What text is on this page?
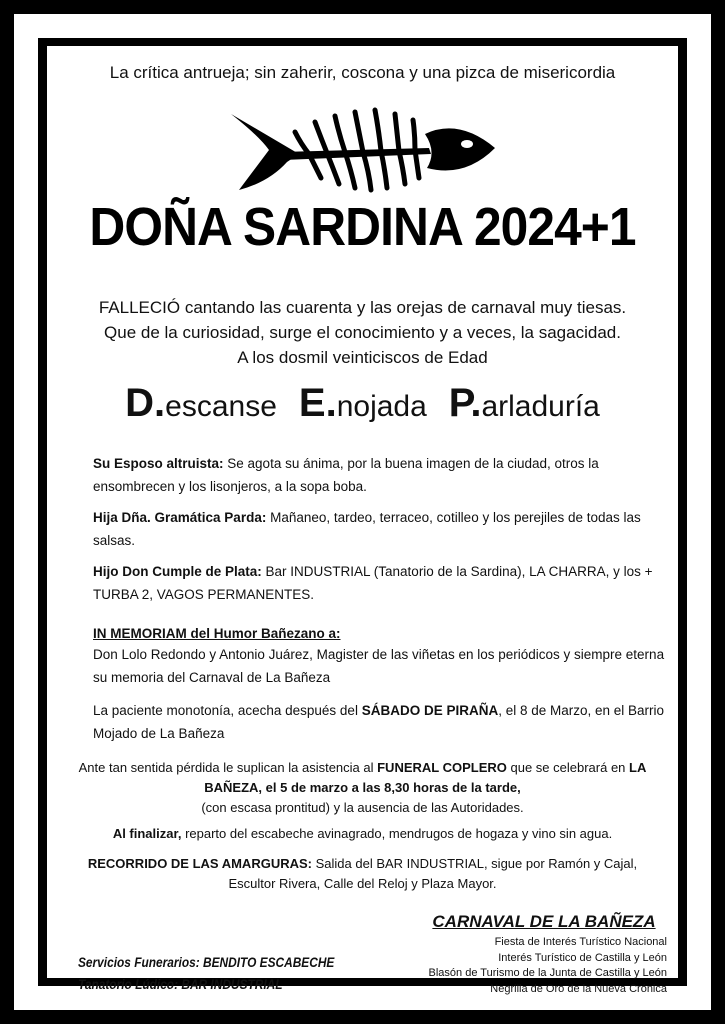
La crítica antrueja; sin zaherir, coscona y una pizca de misericordia
DOÑA SARDINA 2024+1
FALLECIÓ cantando las cuarenta y las orejas de carnaval muy tiesas.
Que de la curiosidad, surge el conocimiento y a veces, la sagacidad.
A los dosmil veinticiscos de Edad
D.escanse E.nojada P.arladuría
Su Esposo altruista: Se agota su ánima, por la buena imagen de la ciudad, otros la ensombrecen y los lisonjeros, a la sopa boba.
Hija Dña. Gramática Parda: Mañaneo, tardeo, terraceo, cotilleo y los perejiles de todas las salsas.
Hijo Don Cumple de Plata: Bar INDUSTRIAL (Tanatorio de la Sardina), LA CHARRA, y los + TURBA 2, VAGOS PERMANENTES.
IN MEMORIAM del Humor Bañezano a:
Don Lolo Redondo y Antonio Juárez, Magister de las viñetas en los periódicos y siempre eterna su memoria del Carnaval de La Bañeza
La paciente monotonía, acecha después del SÁBADO DE PIRAÑA, el 8 de Marzo, en el Barrio Mojado de La Bañeza
Ante tan sentida pérdida le suplican la asistencia al FUNERAL COPLERO que se celebrará en LA BAÑEZA, el 5 de marzo a las 8,30 horas de la tarde,
(con escasa prontitud) y la ausencia de las Autoridades.
Al finalizar, reparto del escabeche avinagrado, mendrugos de hogaza y vino sin agua.
RECORRIDO DE LAS AMARGURAS: Salida del BAR INDUSTRIAL, sigue por Ramón y Cajal, Escultor Rivera, Calle del Reloj y Plaza Mayor.
CARNAVAL DE LA BAÑEZA
Fiesta de Interés Turístico Nacional
Interés Turístico de Castilla y León
Blasón de Turismo de la Junta de Castilla y León
Negrilla de Oro de la Nueva Crónica
Servicios Funerarios: BENDITO ESCABECHE
Tanatorio Lúdico: BAR INDUSTRIAL
